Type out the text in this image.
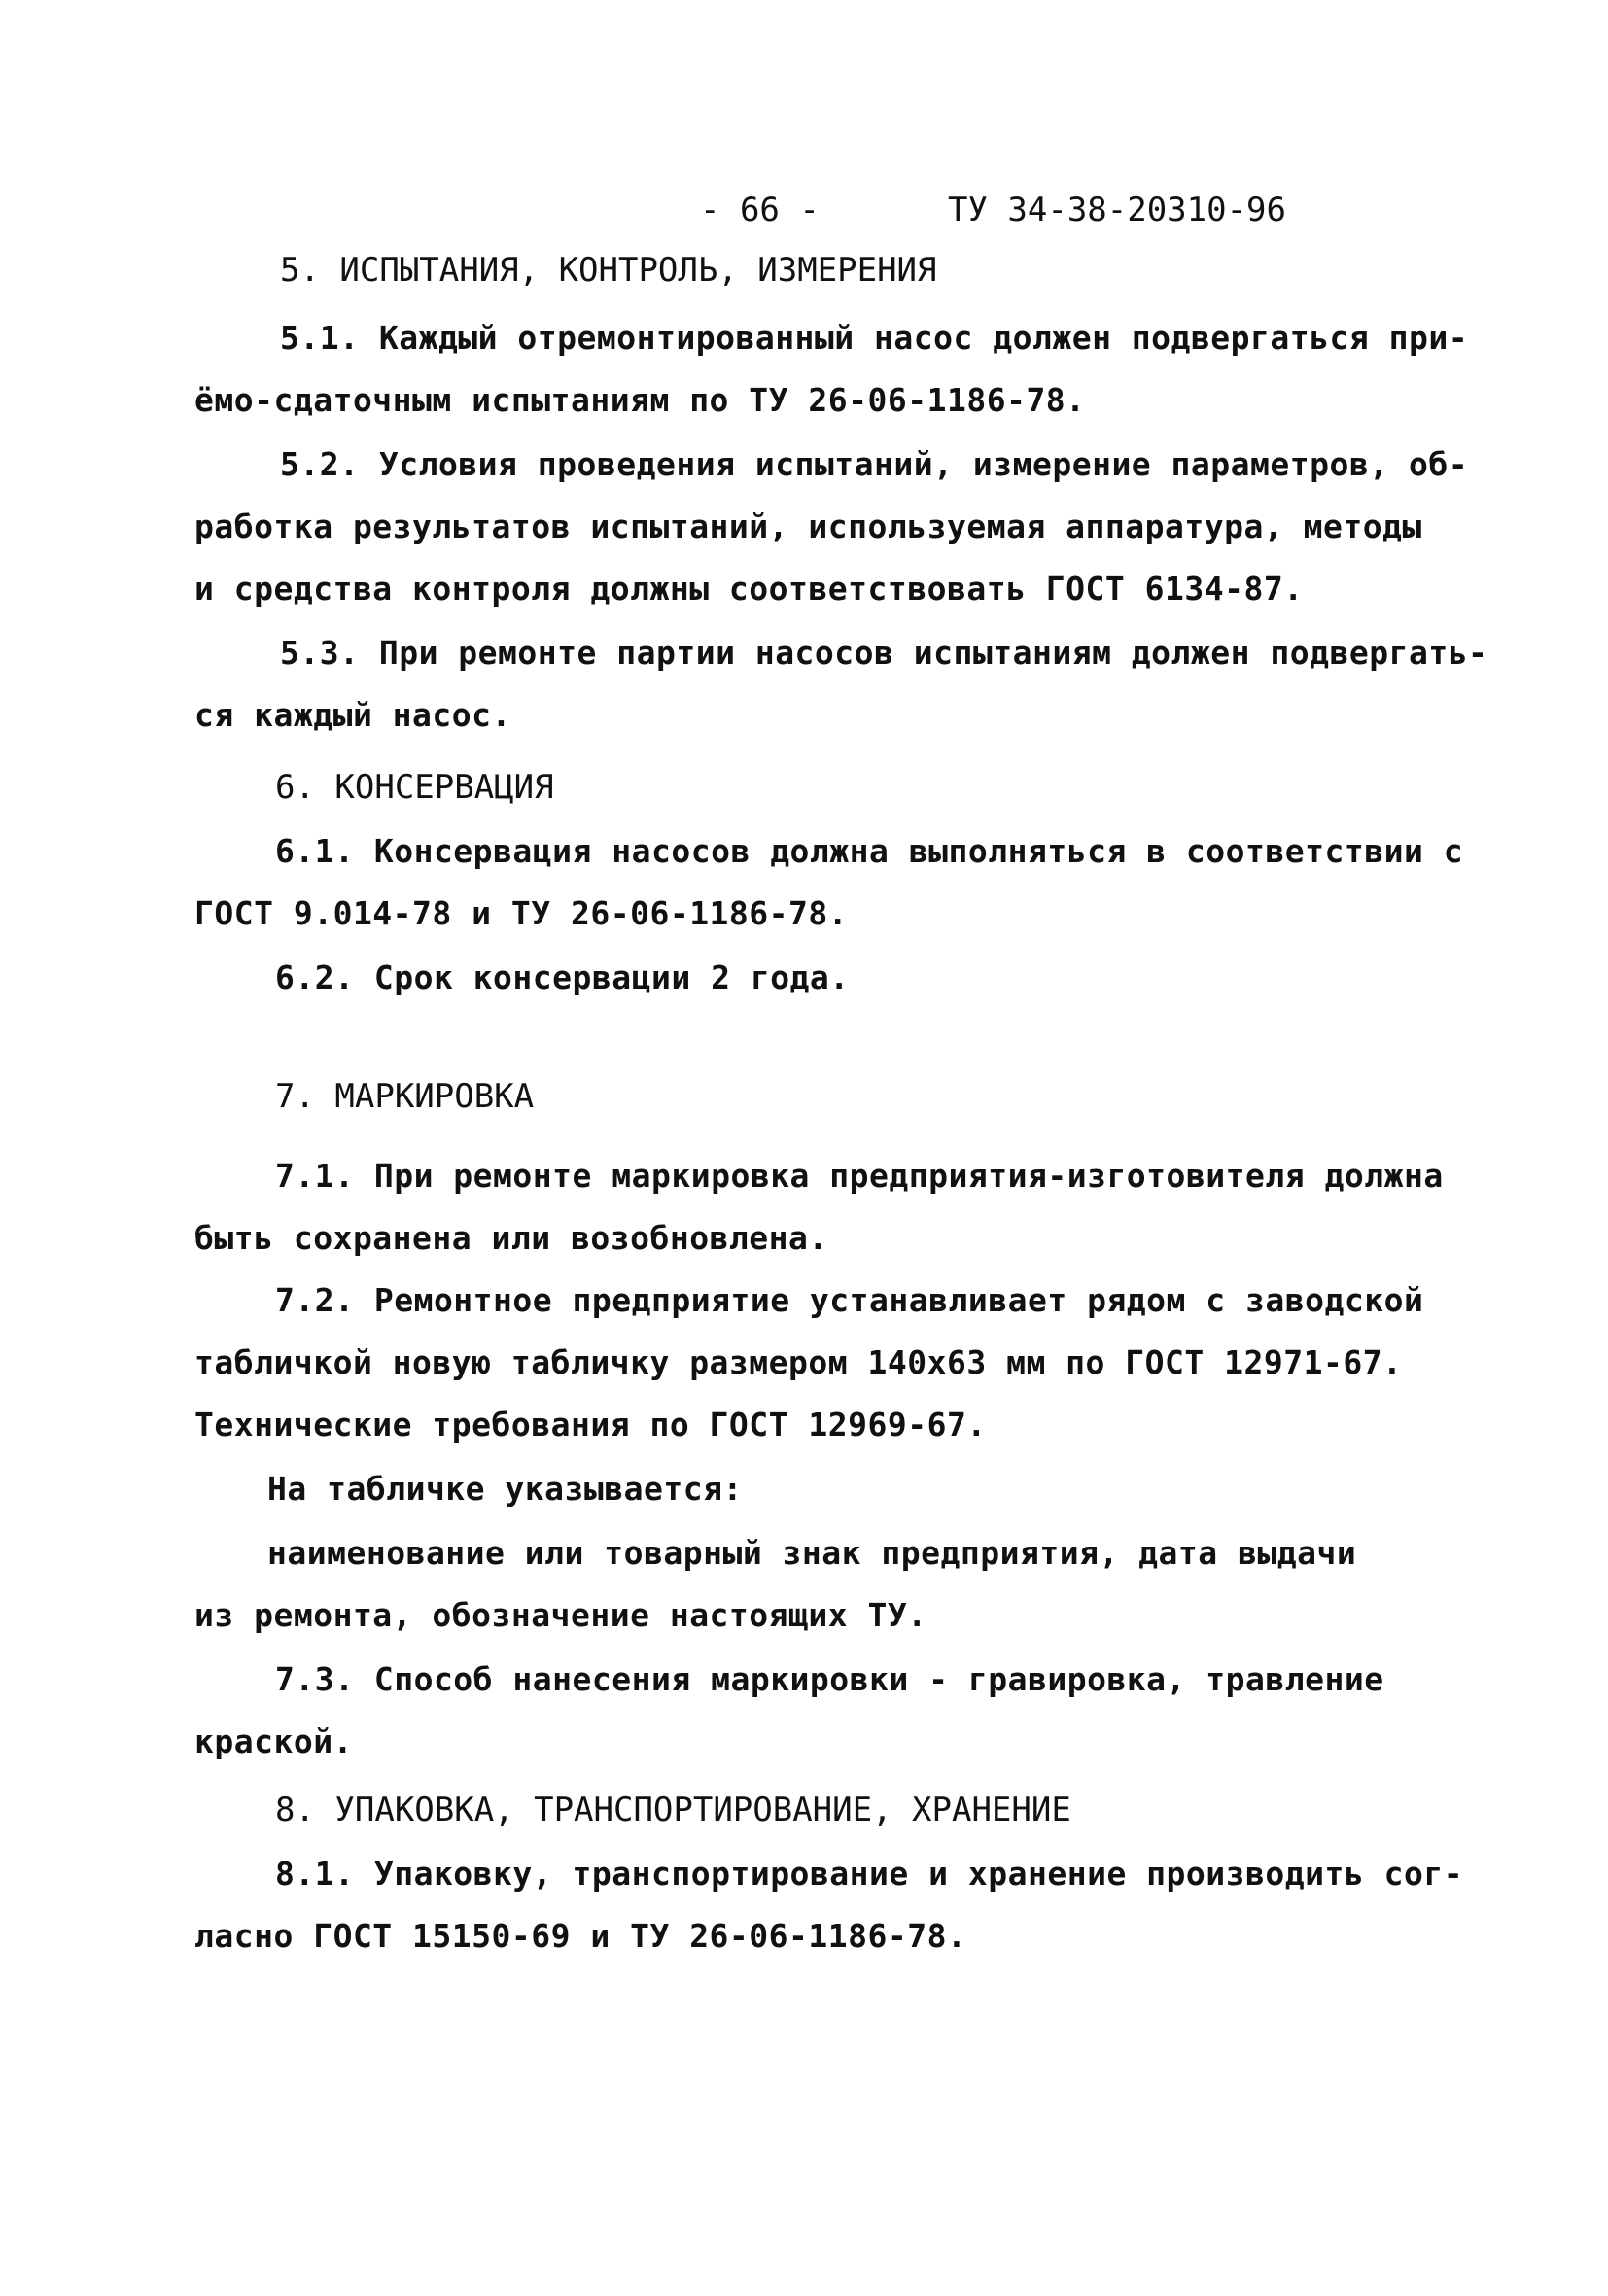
- 66 -	ТУ 34-38-20310-96
5. ИСПЫТАНИЯ, КОНТРОЛЬ, ИЗМЕРЕНИЯ
5.1. Каждый отремонтированный насос должен подвергаться при-
ёмо-сдаточным испытаниям по ТУ 26-06-1186-78.
5.2. Условия проведения испытаний, измерение параметров, об-
работка результатов испытаний, используемая аппаратура, методы
и средства контроля должны соответствовать ГОСТ 6134-87.
5.3. При ремонте партии насосов испытаниям должен подвергать-
ся каждый насос.
6. КОНСЕРВАЦИЯ
6.1. Консервация насосов должна выполняться в соответствии с
ГОСТ 9.014-78 и ТУ 26-06-1186-78.
6.2. Срок консервации 2 года.
7. МАРКИРОВКА
7.1. При ремонте маркировка предприятия-изготовителя должна
быть сохранена или возобновлена.
7.2. Ремонтное предприятие устанавливает рядом с заводской
табличкой новую табличку размером 140х63 мм по ГОСТ 12971-67.
Технические требования по ГОСТ 12969-67.
На табличке указывается:
наименование или товарный знак предприятия, дата выдачи
из ремонта, обозначение настоящих ТУ.
7.3. Способ нанесения маркировки - гравировка, травление
краской.
8. УПАКОВКА, ТРАНСПОРТИРОВАНИЕ, ХРАНЕНИЕ
8.1. Упаковку, транспортирование и хранение производить сог-
ласно ГОСТ 15150-69 и ТУ 26-06-1186-78.
